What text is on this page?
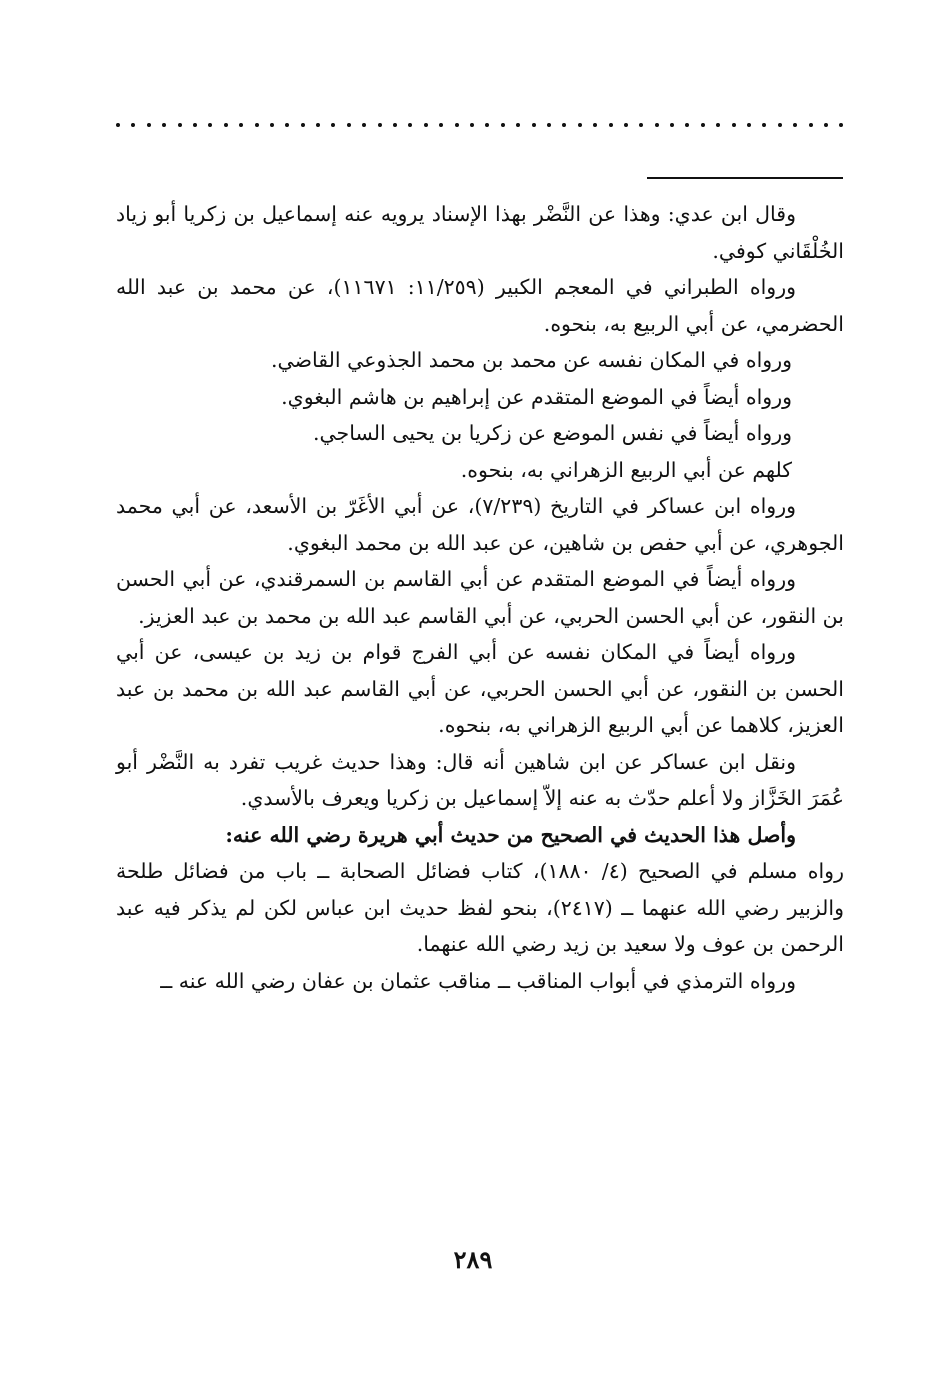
وقال ابن عدي: وهذا عن النَّضْر بهذا الإسناد يرويه عنه إسماعيل بن زكريا أبو زياد الخُلْقَاني كوفي.

ورواه الطبراني في المعجم الكبير (١١/٢٥٩: ١١٦٧١)، عن محمد بن عبد الله الحضرمي، عن أبي الربيع به، بنحوه.

ورواه في المكان نفسه عن محمد بن محمد الجذوعي القاضي.

ورواه أيضاً في الموضع المتقدم عن إبراهيم بن هاشم البغوي.

ورواه أيضاً في نفس الموضع عن زكريا بن يحيى الساجي.

كلهم عن أبي الربيع الزهراني به، بنحوه.

ورواه ابن عساكر في التاريخ (٧/٢٣٩)، عن أبي الأغَرّ بن الأسعد، عن أبي محمد الجوهري، عن أبي حفص بن شاهين، عن عبد الله بن محمد البغوي.

ورواه أيضاً في الموضع المتقدم عن أبي القاسم بن السمرقندي، عن أبي الحسن بن النقور، عن أبي الحسن الحربي، عن أبي القاسم عبد الله بن محمد بن عبد العزيز.

ورواه أيضاً في المكان نفسه عن أبي الفرج قوام بن زيد بن عيسى، عن أبي الحسن بن النقور، عن أبي الحسن الحربي، عن أبي القاسم عبد الله بن محمد بن عبد العزيز، كلاهما عن أبي الربيع الزهراني به، بنحوه.

ونقل ابن عساكر عن ابن شاهين أنه قال: وهذا حديث غريب تفرد به النَّضْر أبو عُمَرَ الخَزَّاز ولا أعلم حدّث به عنه إلاّ إسماعيل بن زكريا ويعرف بالأسدي.

وأصل هذا الحديث في الصحيح من حديث أبي هريرة رضي الله عنه:

رواه مسلم في الصحيح (٤/ ١٨٨٠)، كتاب فضائل الصحابة ــ باب من فضائل طلحة والزبير رضي الله عنهما ــ (٢٤١٧)، بنحو لفظ حديث ابن عباس لكن لم يذكر فيه عبد الرحمن بن عوف ولا سعيد بن زيد رضي الله عنهما.

ورواه الترمذي في أبواب المناقب ــ مناقب عثمان بن عفان رضي الله عنه ــ

٢٨٩
